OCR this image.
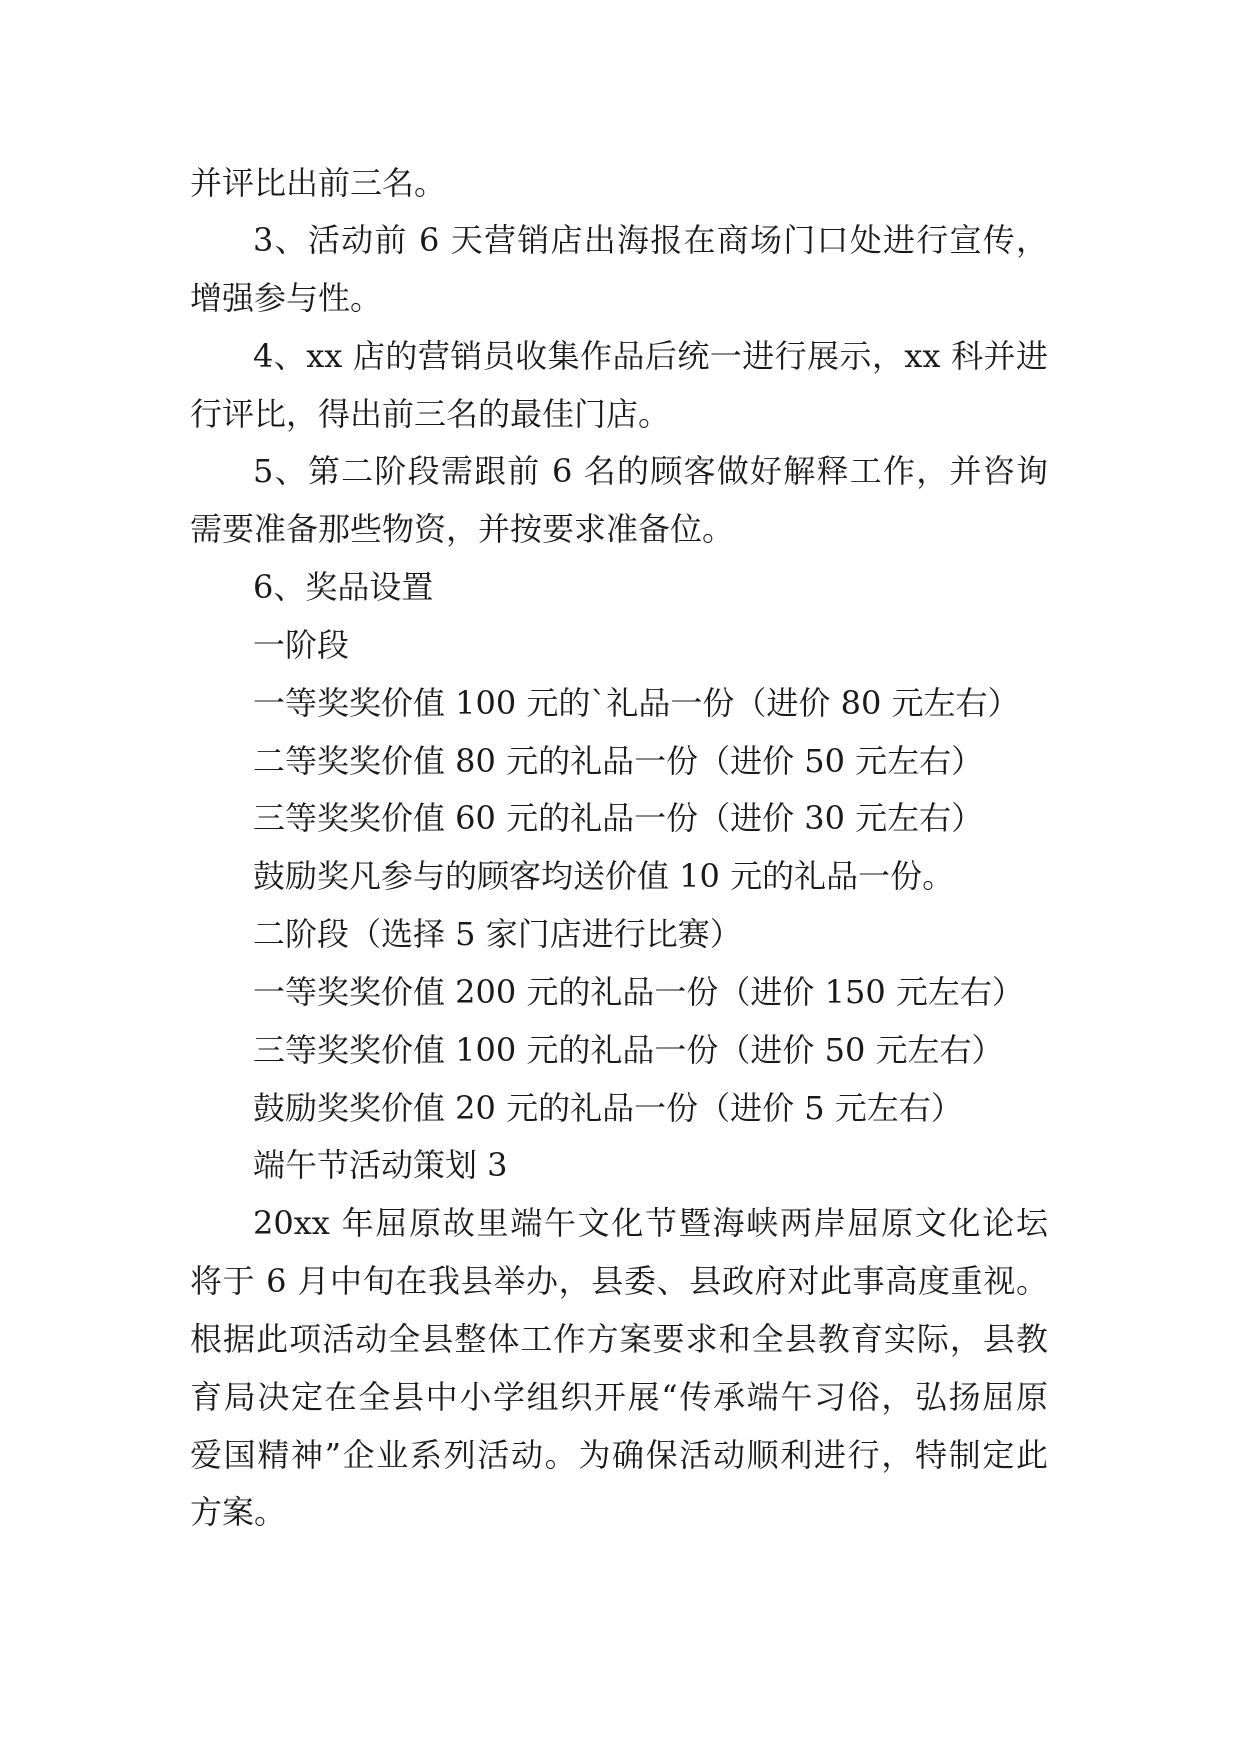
并评比出前三名。
3、活动前 6 天营销店出海报在商场门口处进行宣传，
增强参与性。
4、xx 店的营销员收集作品后统一进行展示，xx 科并进
行评比，得出前三名的最佳门店。
5、第二阶段需跟前 6 名的顾客做好解释工作，并咨询
需要准备那些物资，并按要求准备位。
6、奖品设置
一阶段
一等奖奖价值 100 元的`礼品一份（进价 80 元左右）
二等奖奖价值 80 元的礼品一份（进价 50 元左右）
三等奖奖价值 60 元的礼品一份（进价 30 元左右）
鼓励奖凡参与的顾客均送价值 10 元的礼品一份。
二阶段（选择 5 家门店进行比赛）
一等奖奖价值 200 元的礼品一份（进价 150 元左右）
三等奖奖价值 100 元的礼品一份（进价 50 元左右）
鼓励奖奖价值 20 元的礼品一份（进价 5 元左右）
端午节活动策划 3
20xx 年屈原故里端午文化节暨海峡两岸屈原文化论坛
将于 6 月中旬在我县举办，县委、县政府对此事高度重视。
根据此项活动全县整体工作方案要求和全县教育实际，县教
育局决定在全县中小学组织开展“传承端午习俗，弘扬屈原
爱国精神”企业系列活动。为确保活动顺利进行，特制定此
方案。
